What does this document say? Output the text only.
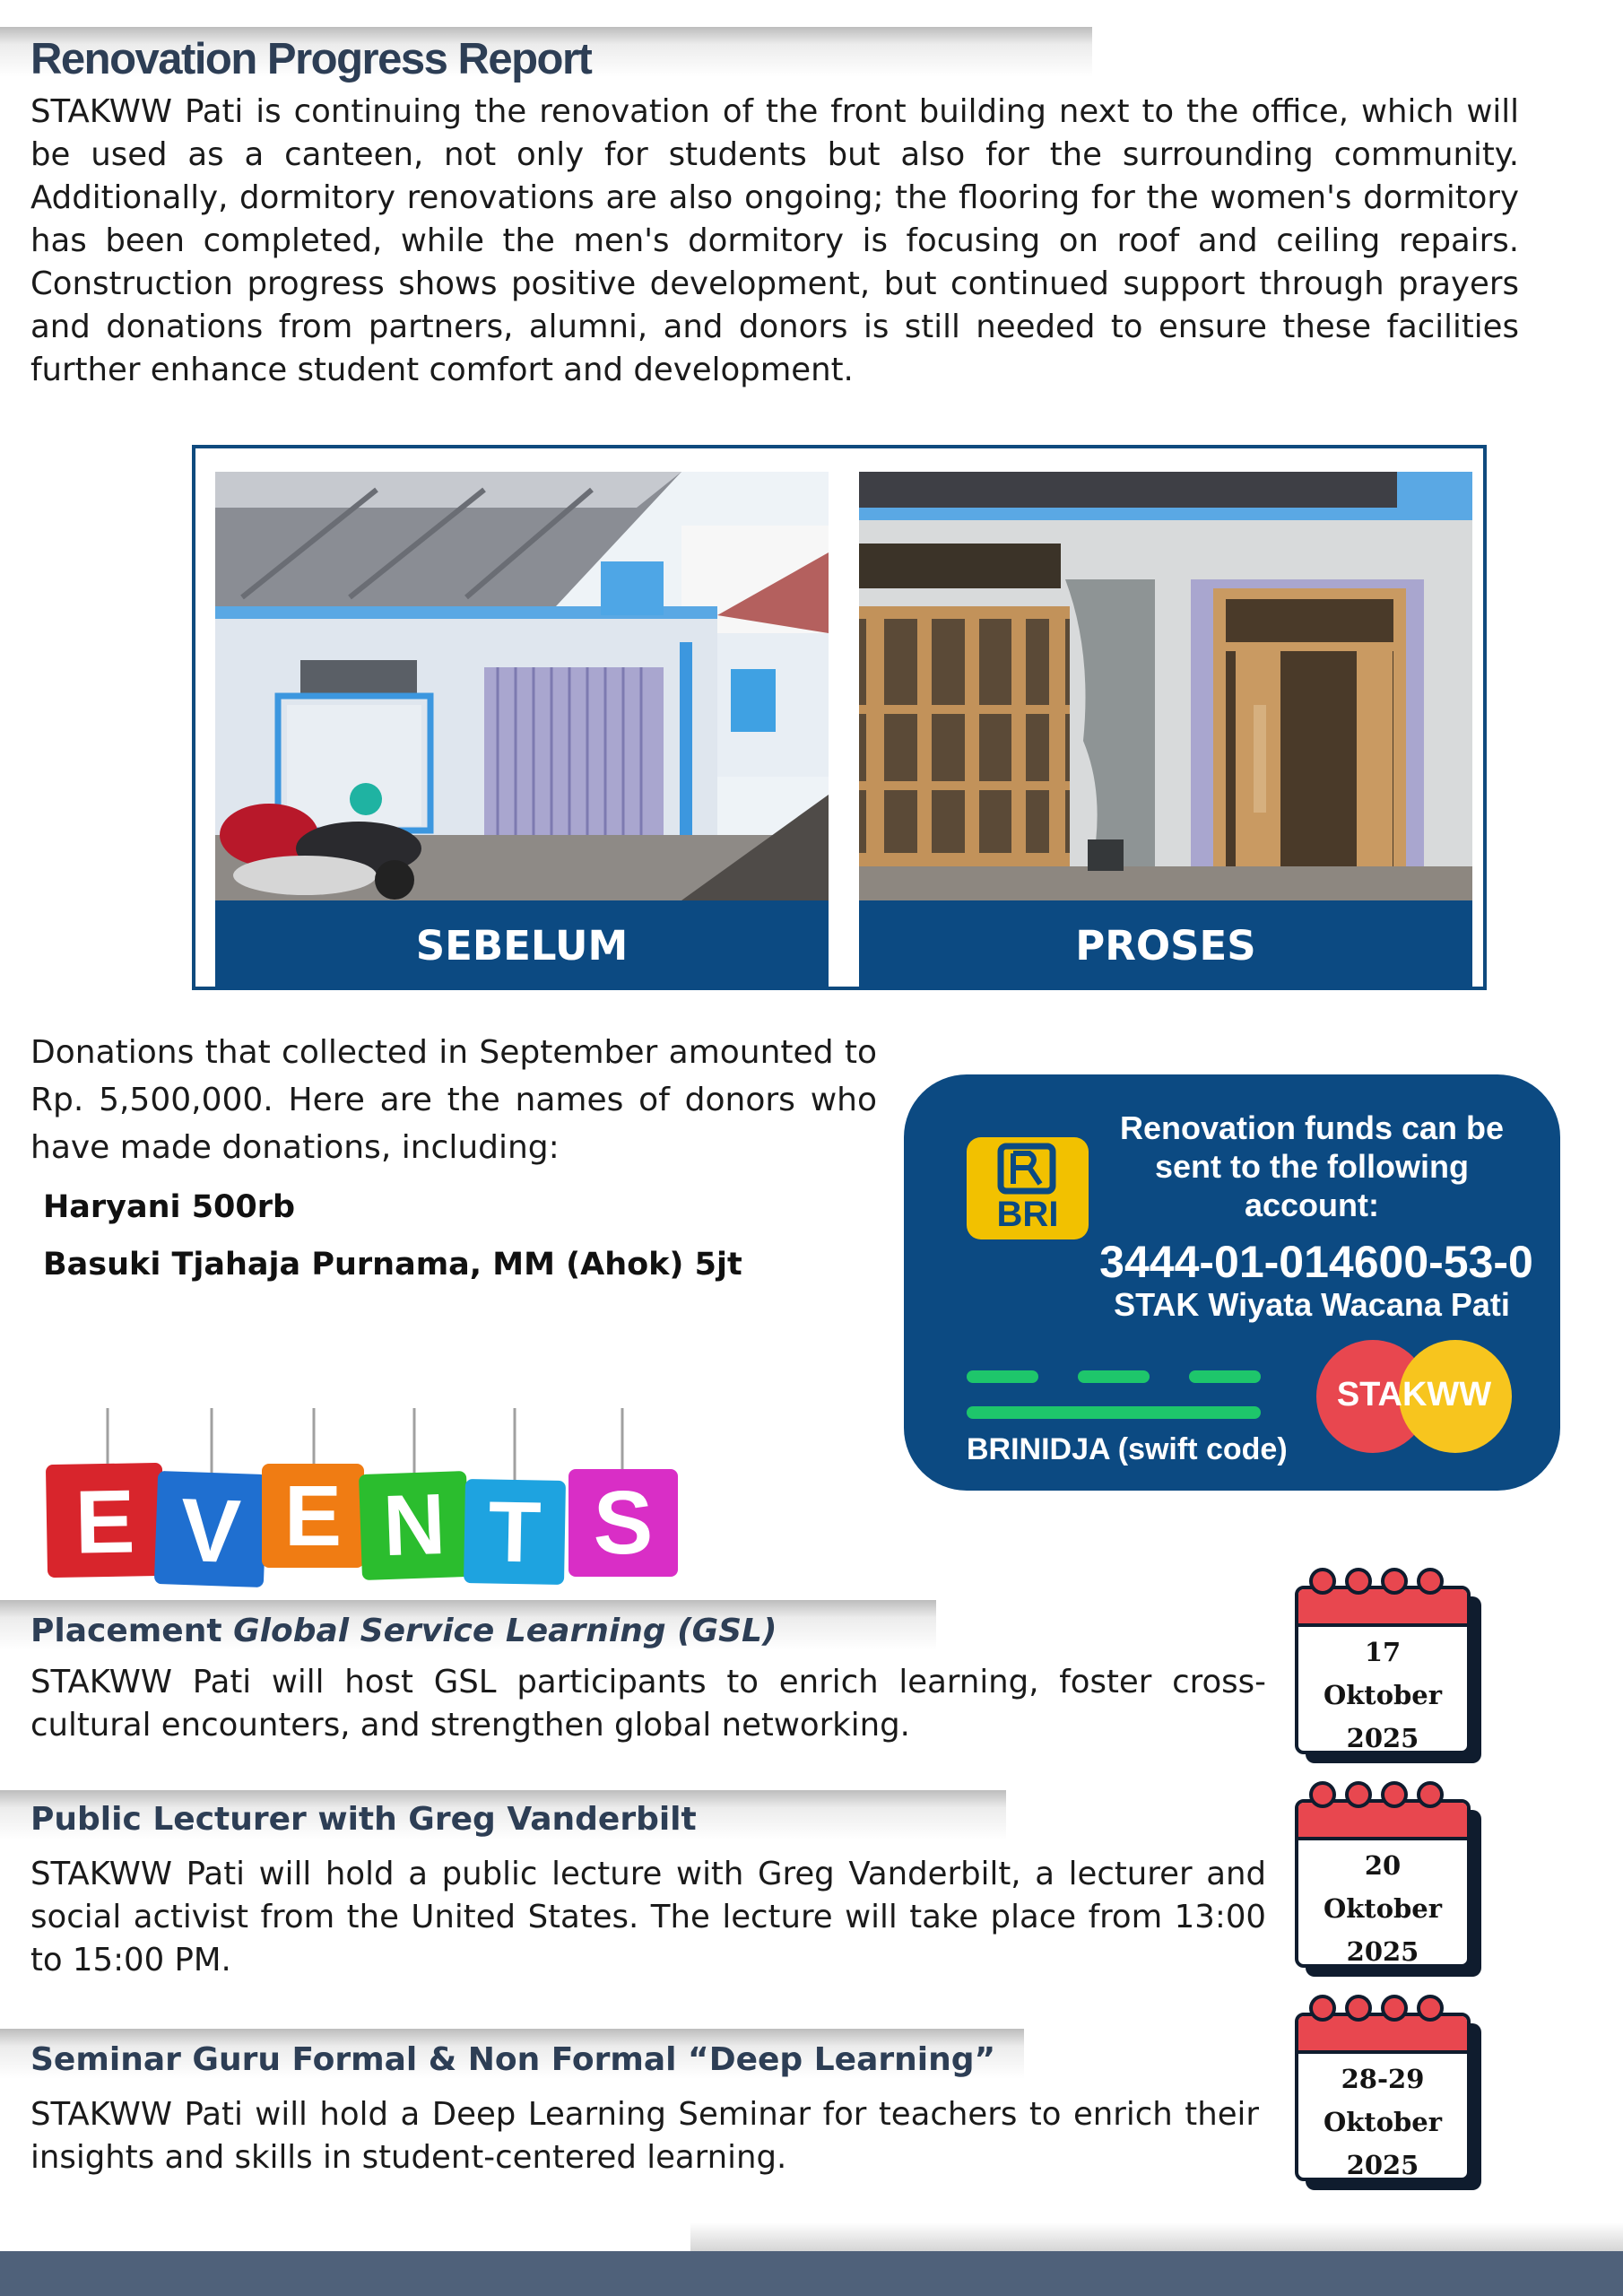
Renovation Progress Report

STAKWW Pati is continuing the renovation of the front building next to the office, which will be used as a canteen, not only for students but also for the surrounding community. Additionally, dormitory renovations are also ongoing; the flooring for the women's dormitory has been completed, while the men's dormitory is focusing on roof and ceiling repairs. Construction progress shows positive development, but continued support through prayers and donations from partners, alumni, and donors is still needed to ensure these facilities further enhance student comfort and development.

SEBELUM	PROSES

Donations that collected in September amounted to Rp. 5,500,000. Here are the names of donors who have made donations, including:

Haryani 500rb

Basuki Tjahaja Purnama, MM (Ahok) 5jt

BRI
Renovation funds can be sent to the following account:
3444-01-014600-53-0
STAK Wiyata Wacana Pati
BRINIDJA (swift code)
STAKWW
E V E N T S
Placement Global Service Learning (GSL)

STAKWW Pati will host GSL participants to enrich learning, foster cross-cultural encounters, and strengthen global networking.

17
Oktober
2025
Public Lecturer with Greg Vanderbilt

STAKWW Pati will hold a public lecture with Greg Vanderbilt, a lecturer and social activist from the United States. The lecture will take place from 13:00 to 15:00 PM.

20
Oktober
2025
Seminar Guru Formal & Non Formal “Deep Learning”

STAKWW Pati will hold a Deep Learning Seminar for teachers to enrich their insights and skills in student-centered learning.

28-29
Oktober
2025
